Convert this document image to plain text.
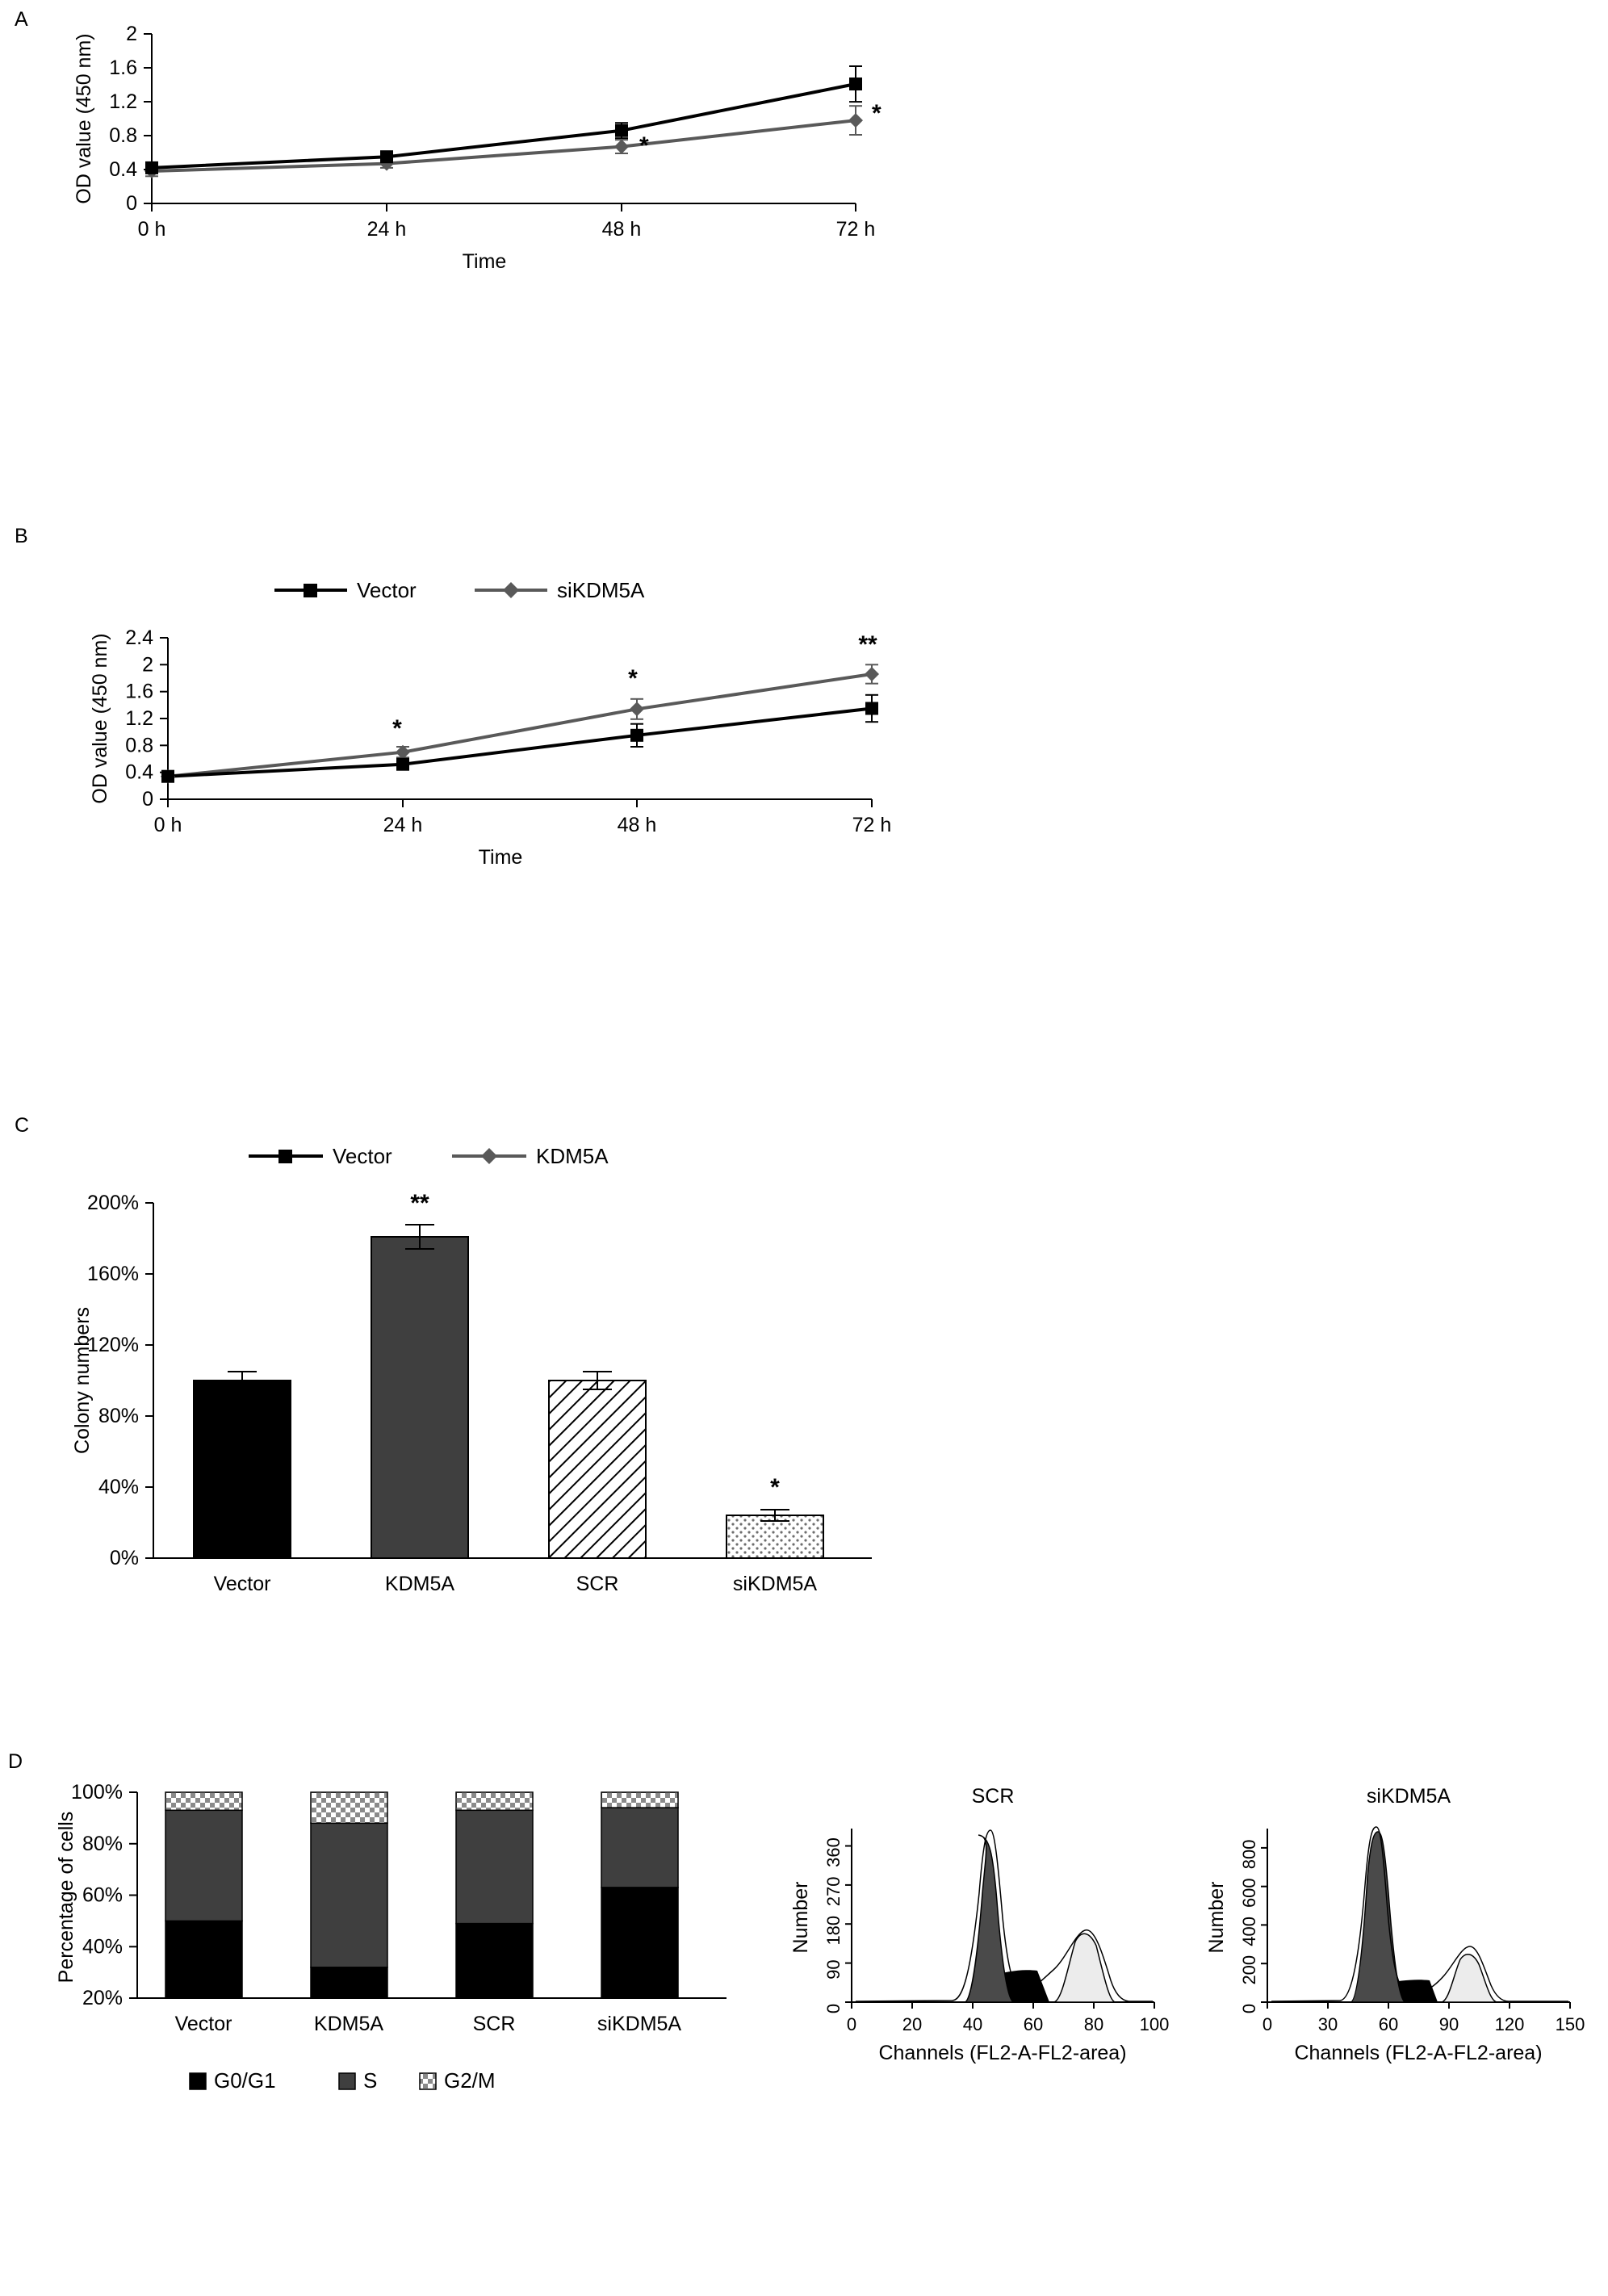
A
0
0.4
0.8
1.2
1.6
2
0 h	24 h	48 h	72 h
*
*
Time
OD value (450 nm)
B
Vector	siKDM5A
0
0.4
0.8
1.2
1.6
2
2.4
0 h	24 h	48 h	72 h
*
*
**
Time
OD value (450 nm)
C
Vector	KDM5A
0%
40%
80%
120%
160%
200%	**
*
Vector	KDM5A	SCR	siKDM5A
Colony numbers
D
20%
40%
60%
80%
100%
Vector	KDM5A	SCR	siKDM5A
Percentage of cells
G0/G1	S	G2/M
SCR
0
90
180
270
360
0	20 40 60 80 100
Channels (FL2-A-FL2-area)
Number
siKDM5A
0
200
400
600
800
0	30 60 90 120 150
Channels (FL2-A-FL2-area)
Number
